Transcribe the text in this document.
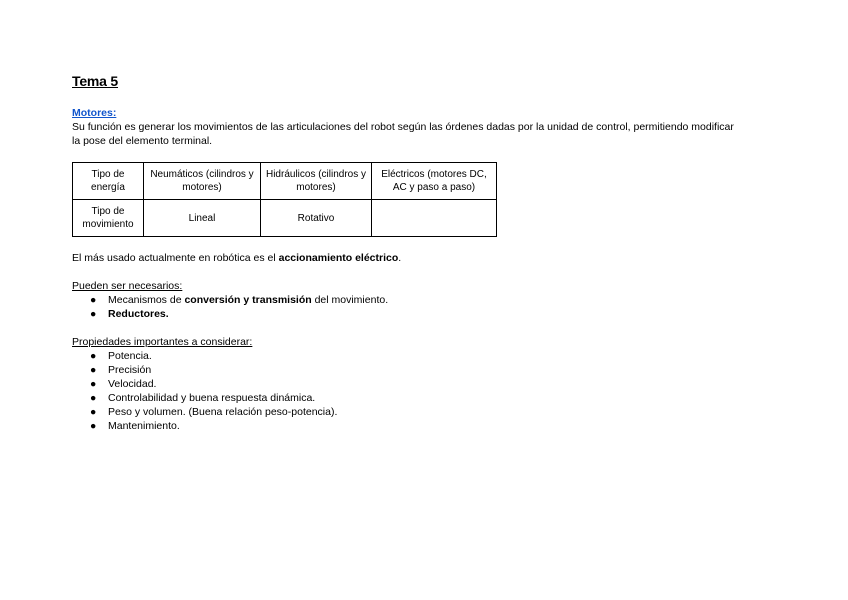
Tema 5
Motores:

Su función es generar los movimientos de las articulaciones del robot según las órdenes dadas por la unidad de control, permitiendo modificar

la pose del elemento terminal.

Tipo de energía	Neumáticos (cilindros y motores)	Hidráulicos (cilindros y motores)	Eléctricos (motores DC, AC y paso a paso)
Tipo de movimiento	Lineal	Rotativo	

El más usado actualmente en robótica es el accionamiento eléctrico.

Pueden ser necesarios:

● Mecanismos de conversión y transmisión del movimiento.
● Reductores.

Propiedades importantes a considerar:

● Potencia.
● Precisión
● Velocidad.
● Controlabilidad y buena respuesta dinámica.
● Peso y volumen. (Buena relación peso-potencia).
● Mantenimiento.
